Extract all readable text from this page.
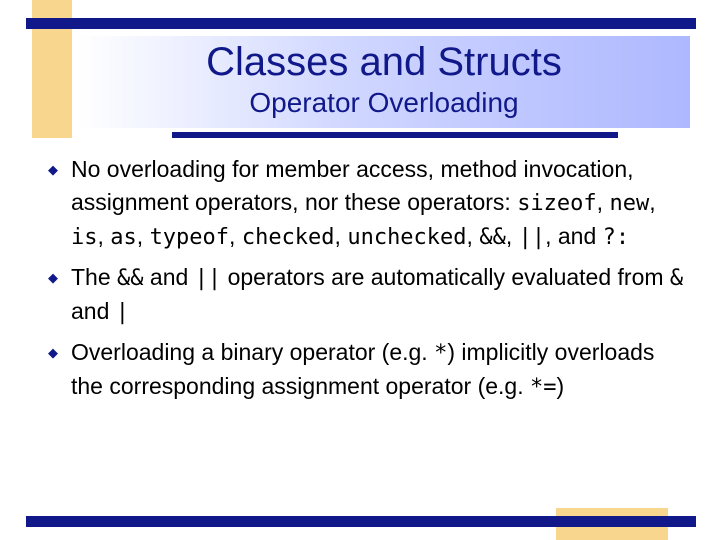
Classes and Structs
Operator Overloading
◆ No overloading for member access, method invocation, assignment operators, nor these operators: sizeof, new, is, as, typeof, checked, unchecked, &&, ||, and ?:
◆ The && and || operators are automatically evaluated from & and |
◆ Overloading a binary operator (e.g. *) implicitly overloads the corresponding assignment operator (e.g. *=)
